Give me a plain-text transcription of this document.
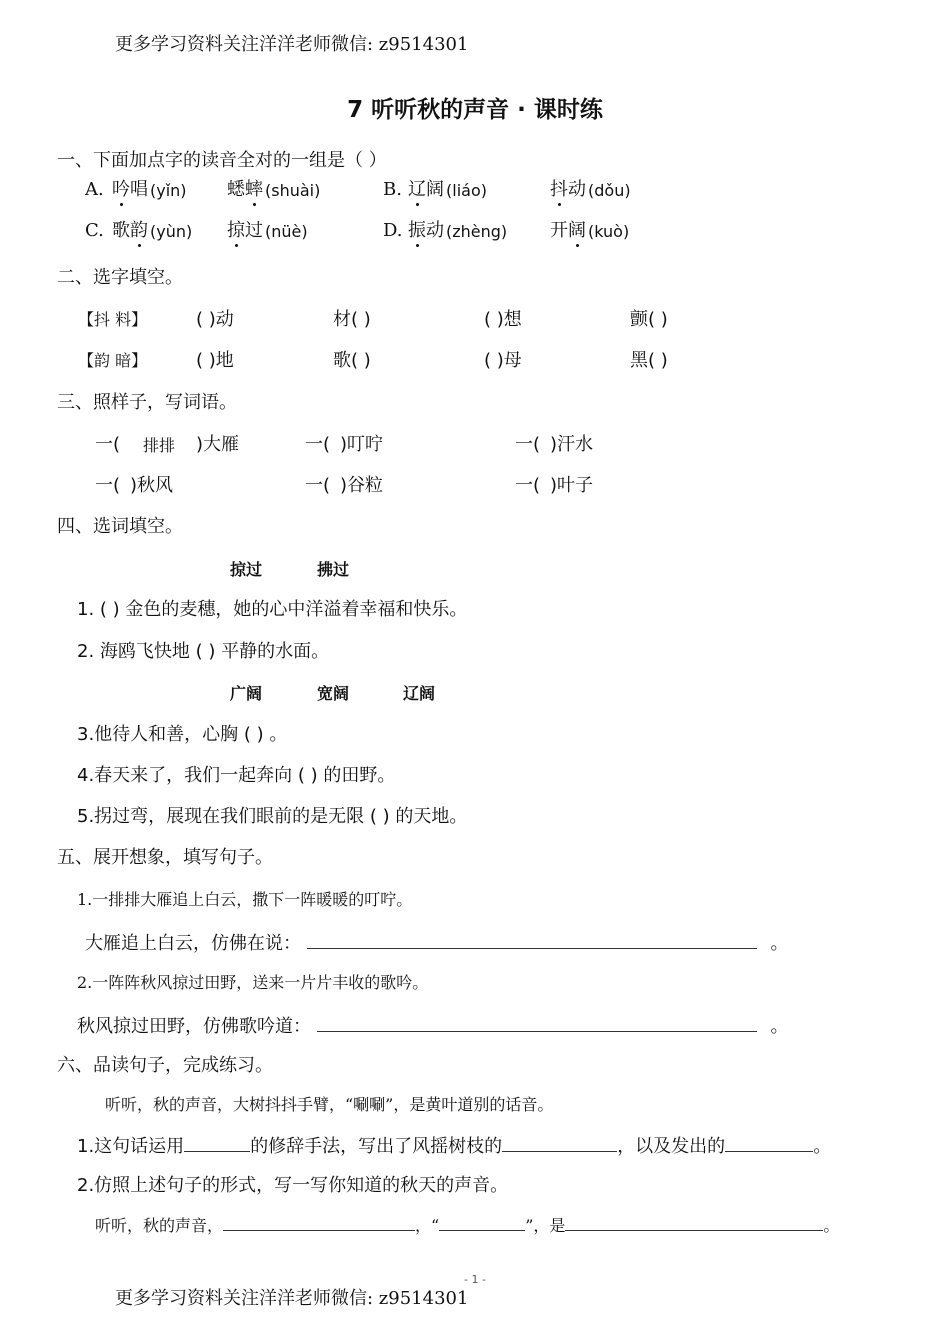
更多学习资料关注洋洋老师微信: z9514301
7 听听秋的声音 · 课时练
一、下面加点字的读音全对的一组是（ ）
A. 吟唱 (yǐn) 蟋蟀 (shuài)	B. 辽阔 (liáo)	抖动 (dǒu)
C. 歌韵 (yùn) 掠过 (nüè)	D. 振动 (zhèng) 开阔 (kuò)
二、选字填空。
【抖 料】	( )动	材( )	( )想	颤( )
【韵 暗】	( )地	歌( )	( )母	黑( )
三、照样子，写词语。
一( 排排 )大雁	一( )叮咛	一( )汗水
一( )秋风	一( )谷粒	一( )叶子
四、选词填空。
掠过	拂过
1. ( ) 金色的麦穗，她的心中洋溢着幸福和快乐。
2. 海鸥飞快地 ( ) 平静的水面。
广阔	宽阔	辽阔
3.他待人和善，心胸 ( ) 。
4.春天来了，我们一起奔向 ( ) 的田野。
5.拐过弯，展现在我们眼前的是无限 ( ) 的天地。
五、展开想象，填写句子。
1.一排排大雁追上白云，撒下一阵暖暖的叮咛。
大雁追上白云，仿佛在说：	。
2.一阵阵秋风掠过田野，送来一片片丰收的歌吟。
秋风掠过田野，仿佛歌吟道：	。
六、品读句子，完成练习。
听听，秋的声音，大树抖抖手臂，“唰唰”，是黄叶道别的话音。
1.这句话运用	的修辞手法，写出了风摇树枝的	，以及发出的	。
2.仿照上述句子的形式，写一写你知道的秋天的声音。
听听，秋的声音，	，“	”，是	。
- 1 -
更多学习资料关注洋洋老师微信: z9514301
